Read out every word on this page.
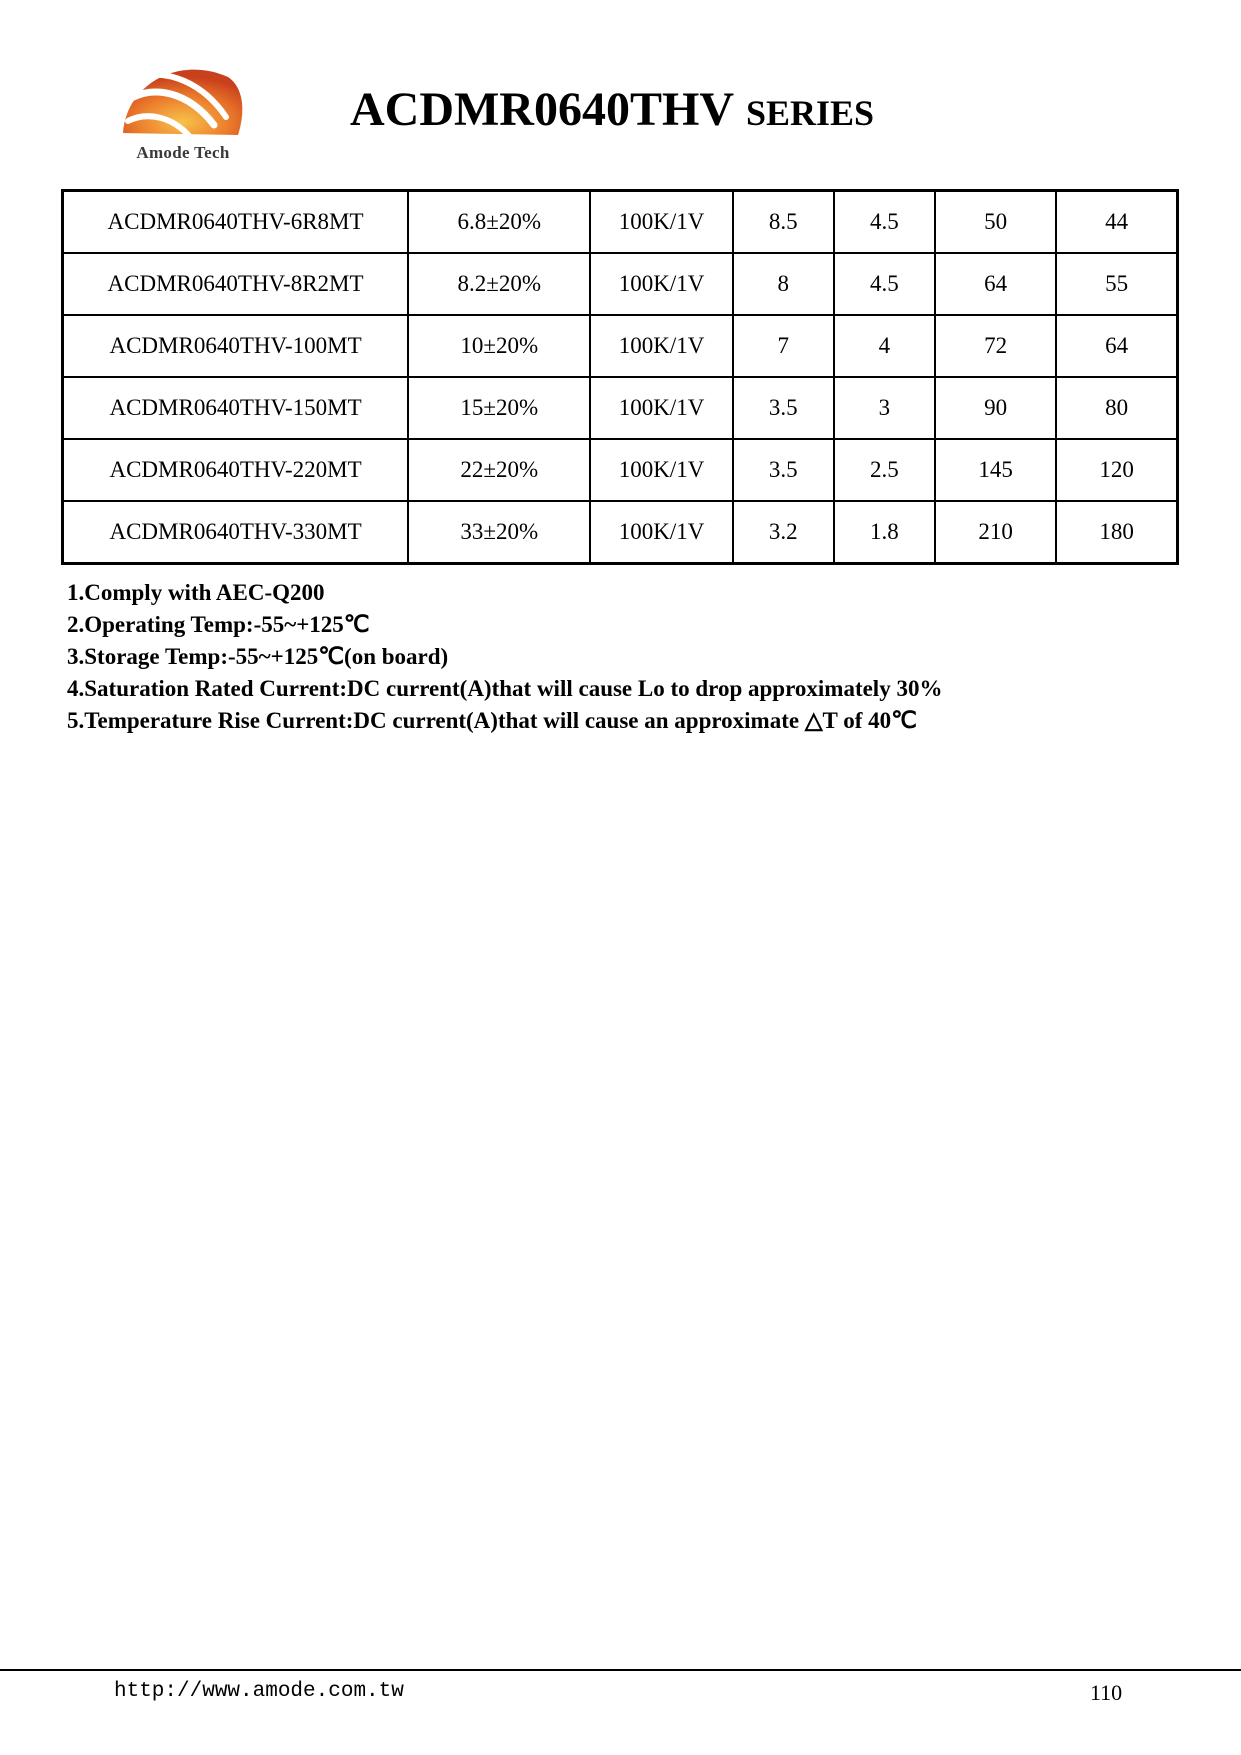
Amode Tech
ACDMR0640THV SERIES
ACDMR0640THV-6R8MT	6.8±20%	100K/1V	8.5	4.5	50	44
ACDMR0640THV-8R2MT	8.2±20%	100K/1V	8	4.5	64	55
ACDMR0640THV-100MT	10±20%	100K/1V	7	4	72	64
ACDMR0640THV-150MT	15±20%	100K/1V	3.5	3	90	80
ACDMR0640THV-220MT	22±20%	100K/1V	3.5	2.5	145	120
ACDMR0640THV-330MT	33±20%	100K/1V	3.2	1.8	210	180
1.Comply with AEC-Q200
2.Operating Temp:-55~+125℃
3.Storage Temp:-55~+125℃(on board)
4.Saturation Rated Current:DC current(A)that will cause Lo to drop approximately 30%
5.Temperature Rise Current:DC current(A)that will cause an approximate △T of 40℃
http://www.amode.com.tw	110
